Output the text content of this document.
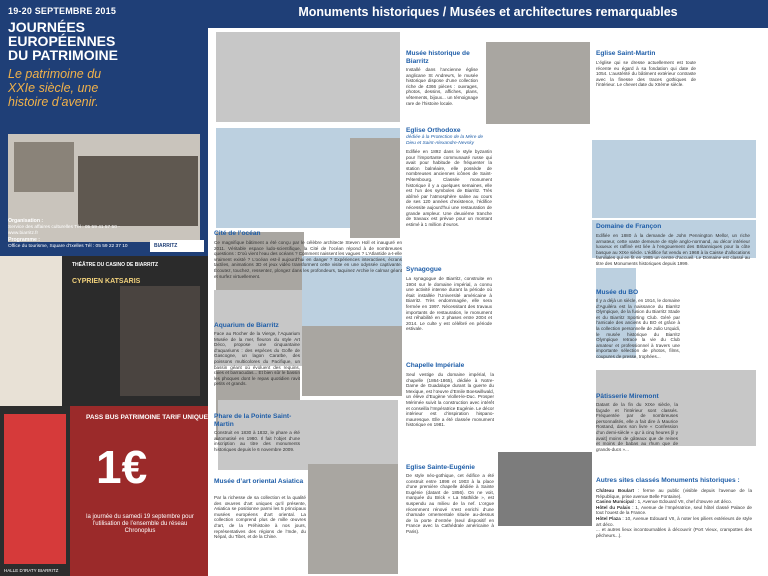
19-20 SEPTEMBRE 2015
JOURNÉES EUROPÉENNES DU PATRIMOINE
Le patrimoine du XXIe siècle, une histoire d’avenir.
Organisation :
Service des affaires culturelles Tél : 05 59 41 57 50 - www.biarritz.fr
Programme :
Office du tourisme, Square d’Ixelles Tél : 05 59 22 37 10	BIARRITZ
THÉÂTRE DU CASINO DE BIARRITZ
CYPRIEN KATSARIS
PASS BUS PATRIMOINE TARIF UNIQUE
1€
la journée du samedi 19 septembre pour l’utilisation de l’ensemble du réseau Chronoplus
HALLE D’IRATY BIARRITZ
Monuments historiques / Musées et architectures remarquables
Musée historique de Biarritz
Installé dans l’ancienne église anglicane St Andrew’s, le musée historique dispose d’une collection riche de 4366 pièces : ouvrages, photos, dessins, affiches, plans, vêtements, bijoux... un témoignage rare de l’histoire locale.
Eglise Saint-Martin
L’église qui se dresse actuellement est toute récente eu égard à sa fondation qui date de 1054. L’austérité du bâtiment extérieur contraste avec la finesse des traces gothiques de l’intérieur. Le chevet date du XIIème siècle.
Eglise Orthodoxe
dédiée à la Protection de la Mère de Dieu et Saint-Alexandre-Nevsky
Edifiée en 1892 dans le style byzantin pour l’importante communauté russe qui avait pour habitude de fréquenter la station balnéaire, elle possède de nombreuses anciennes icônes de Saint-Pétersbourg. Classée monument historique il y a quelques semaines, elle est l’un des symboles de Biarritz. Très abîmé par l’atmosphère saline au cours de ses 120 années d’existence, l’édifice nécessite aujourd’hui une restauration de grande ampleur. Une deuxième tranche de travaux est prévue pour un montant estimé à 1 million d’euros.
Cité de l’océan
Ce magnifique bâtiment a été conçu par le célèbre architecte Steven Holl et inauguré en 2011. Véritable espace ludo-scientifique, la Cité de l’océan répond à de nombreuses questions : D’où vient l’eau des océans ? Comment naissent les vagues ? L’Atlantide a-t-elle vraiment existé ? L’océan est-il aujourd’hui en danger ? Expériences interactives, écrans tactiles, animations 3D et jeux vidéo transforment cette visite en une odyssée captivante. Écoutez, touchez, ressentez, plongez dans les profondeurs, taquinez Archie le calmar géant et surfez virtuellement.
Domaine de Françon
Edifiée en 1880 à la demande de John Pennington Mellor, un riche armateur, cette vaste demeure de style anglo-normand, au décor intérieur luxueux et raffiné est liée à l’engouement des Britanniques pour la côte basque au XIXe siècle. L’édifice fut vendu en 1968 à la Caisse d’allocations familiales qui en fit en 1985 un centre d’accueil. Le Domaine est classé au titre des Monuments historiques depuis 1999.
Synagogue
La synagogue de Biarritz, construite en 1904 sur le domaine impérial, a connu une activité intense durant la période où était installée l’Université américaine à Biarritz. Très endommagée, elle sera fermée en 1997. Nécessitant des travaux importants de restauration, le monument est réhabilité en 2 phases entre 2004 et 2014. Le culte y est célébré en période estivale.
Musée du BO
Il y a déjà un siècle, en 1914, le domaine d’Aguiléra est la naissance du Biarritz Olympique, de la fusion du Biarritz Stade et du Biarritz Sporting Club. Géré par l’amicale des anciens du BO et grâce à la collection personnelle de Julio Urquidi, le musée historique du Biarritz Olympique retrace la vie du Club amateur et professionnel à travers une importante sélection de photos, films, coupures de presse, trophées...
Aquarium de Biarritz
Face au Rocher de la Vierge, l’Aquarium Musée de la mer, fleuron du style Art Déco, propose une cinquantaine d’aquariums : des espèces du Golfe de Gascogne, un lagon Caraïbe, des poissons multicolores du Pacifique, un bassin géant où évoluent des requins, raies et barracudas... Et bien sûr le bassin les phoques dont le repas quotidien ravit petits et grands.
Chapelle Impériale
Seul vestige du domaine impérial, la chapelle (1864-1865), dédiée à Notre-Dame de Guadalupe durant la guerre du Mexique, est l’œuvre d’Emile Boeswillwald, un élève d’Eugène Viollet-le-Duc. Prosper Mérimée suivit la construction avec intérêt et conseilla l’Impératrice Eugénie. Le décor intérieur est d’inspiration hispano-mauresque. Elle a été classée monument historique en 1981.
Phare de la Pointe Saint-Martin
Construit en 1830 à 1832, le phare a été automatisé en 1980. Il fait l’objet d’une inscription au titre des monuments historiques depuis le 6 novembre 2009.
Pâtisserie Miremont
Datant de la fin du XIXe siècle, la façade et l’intérieur sont classés. Fréquentée par de nombreuses personnalités, elle a fait dire à Maurice Rostand, dans son livre « Confession d’un demi-siècle » qu’ à cinq heures [il y avait] moins de gâteaux que de reines et moins de babas au rhum que de grands-ducs »...
Musée d’art oriental Asiatica
Par la richesse de sa collection et la qualité des œuvres d’art uniques qu’il présente, Asiatica se positionne parmi les 5 principaux musées européens d’art oriental. La collection comprend plus de mille œuvres d’art, de la Préhistoire à nos jours, représentatives des régions de l’Inde, du Népal, du Tibet, et de la Chine.
Eglise Sainte-Eugénie
De style néo-gothique, cet édifice a été construit entre 1898 et 1903 à la place d’une première chapelle dédiée à Sainte Eugénie (datant de 1856). On ne voit, marquée du Brick « La Mathilde », est suspendu au milieu de la nef. L’orgue récemment rénové s’est enrichi d’une chamade ornementale située au-dessus de la porte d’entrée (seul dispositif en France avec la Cathédrale américaine à Paris).
Autres sites classés Monuments historiques :
Château Boulart : ferme au public (visible depuis l’avenue de la République, prise avenue Belle Fontaine).
Casino Municipal : 1, Avenue Edouard VII, chef d’œuvre art déco.
Hôtel du Palais : 1, Avenue de l’Impératrice, seul hôtel classé Palace de tout l’ouest de la France.
Hôtel Plaza : 10, Avenue Edouard VII, à noter les piliers extérieurs de style art déco.
... et autres lieux incontournables à découvrir (Port Vieux, crampottes des pêcheurs...).
